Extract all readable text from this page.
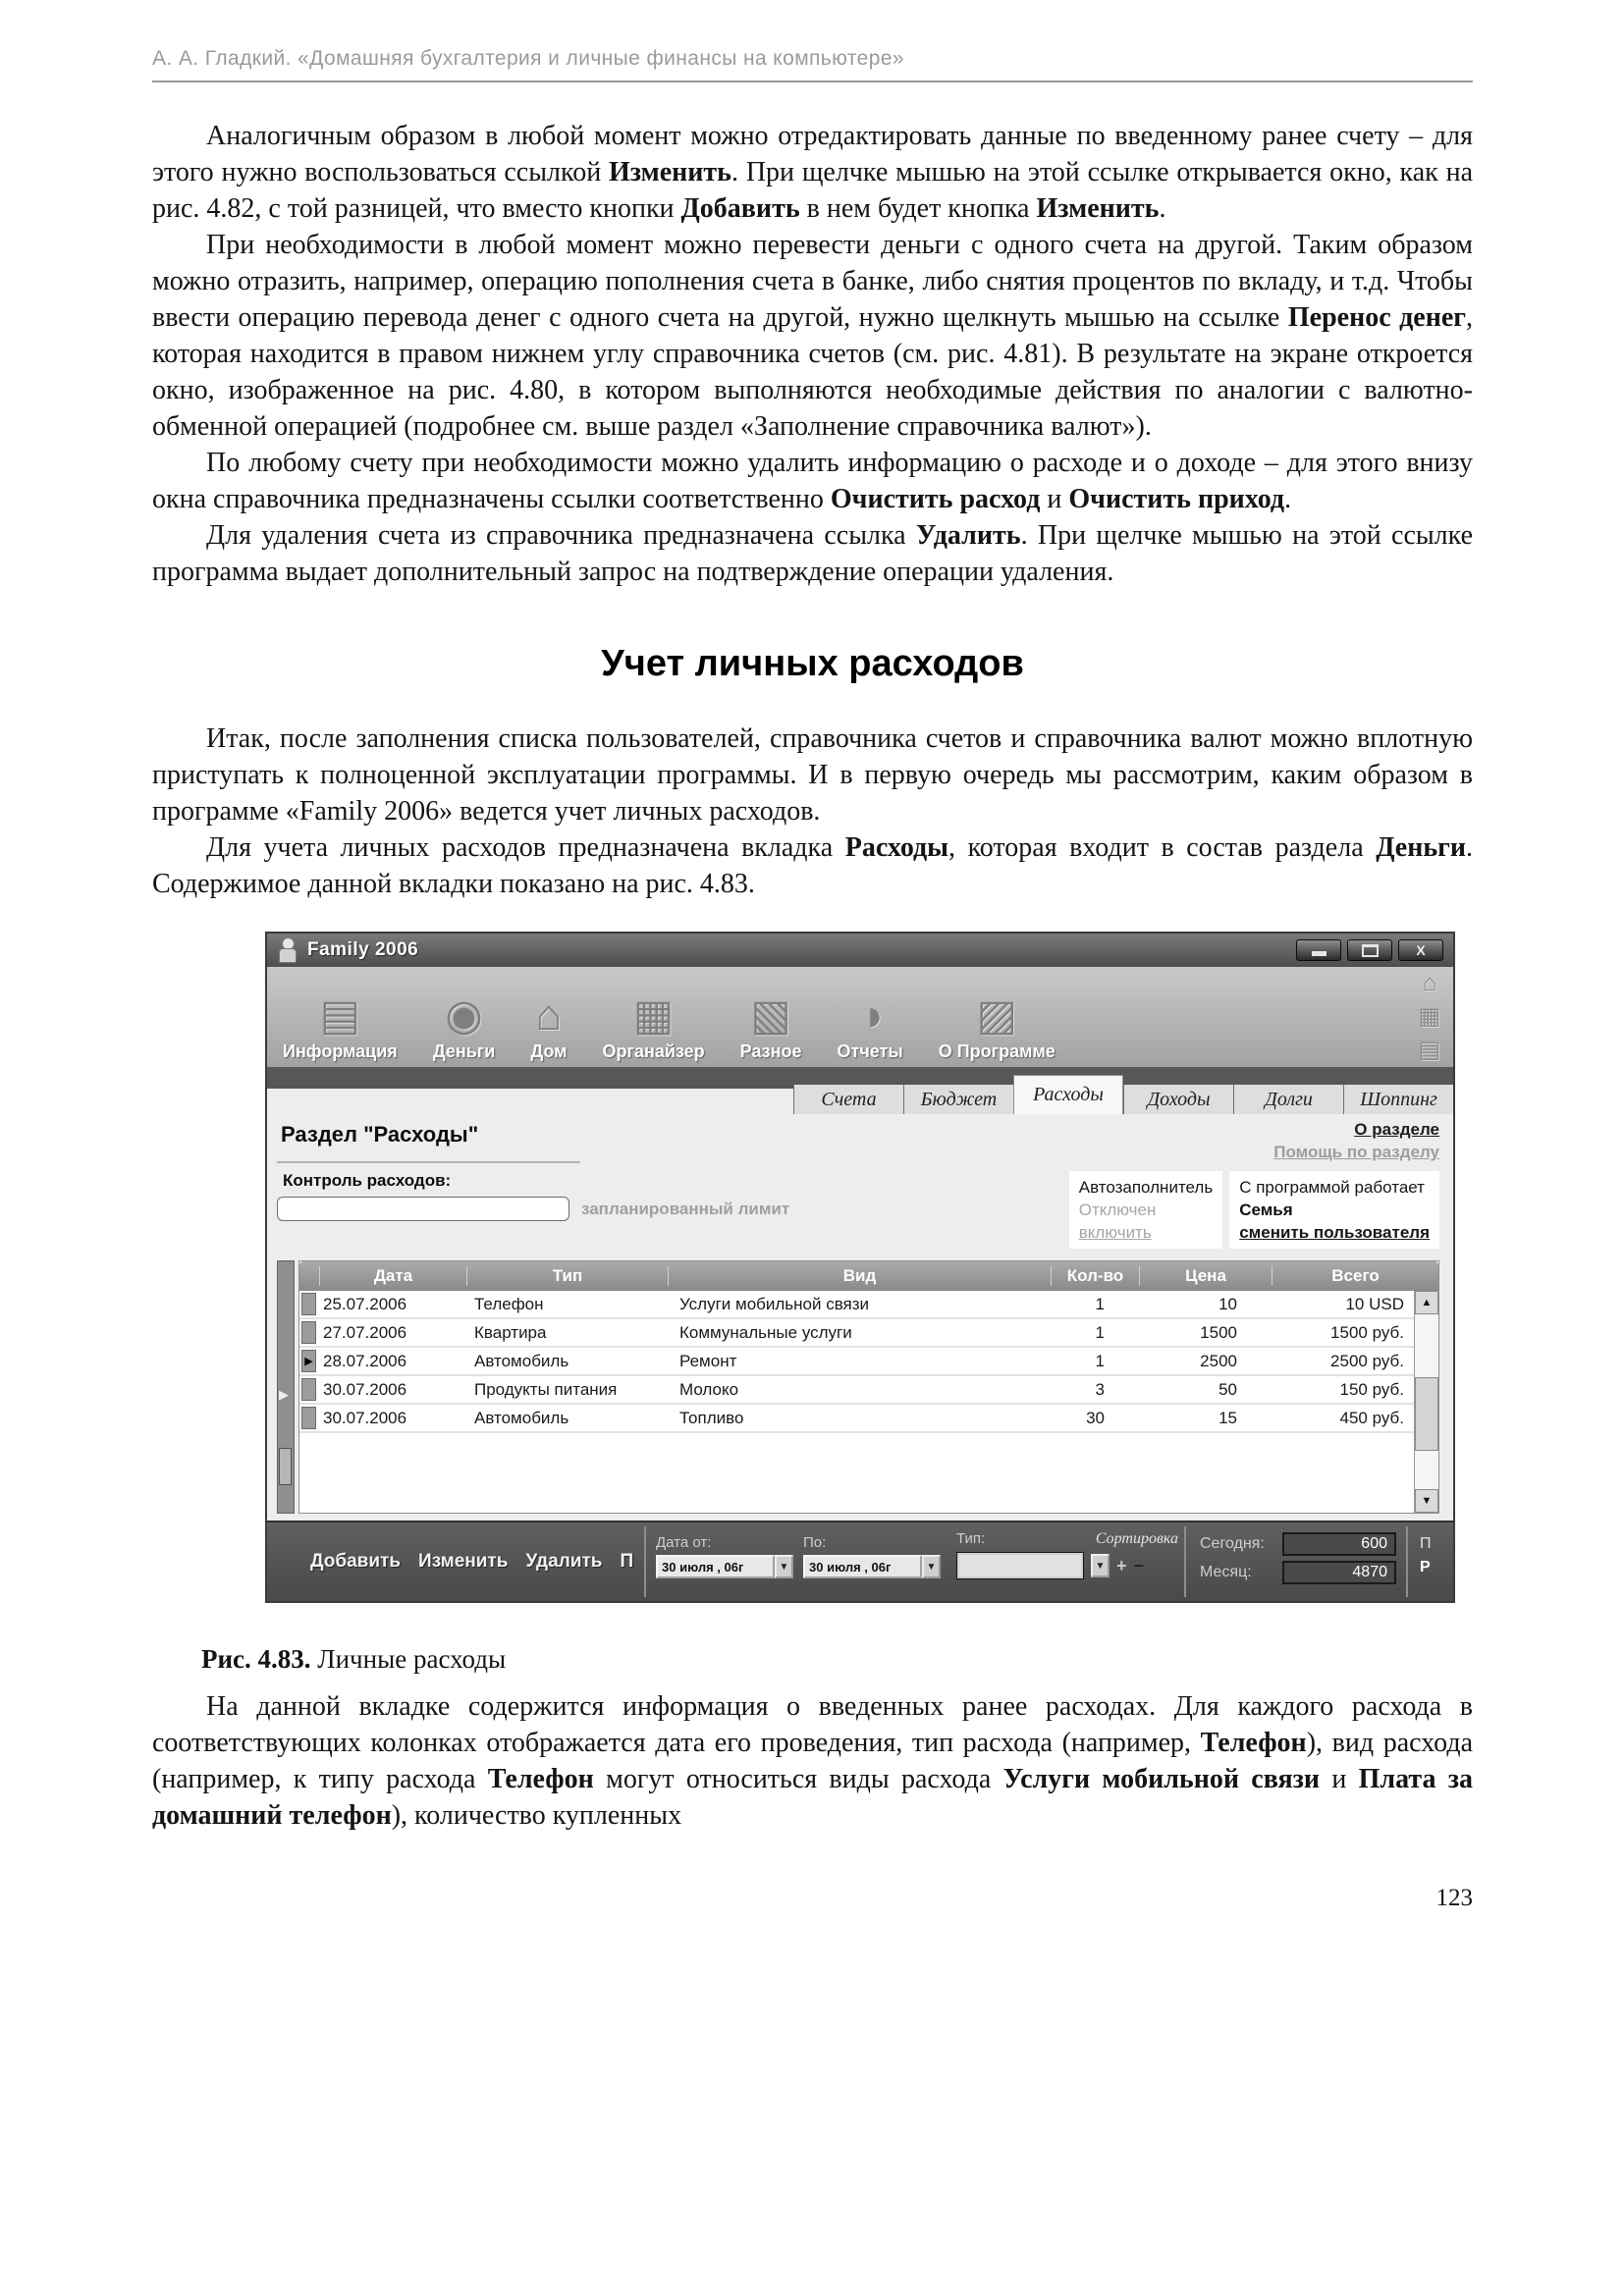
А. А. Гладкий. «Домашняя бухгалтерия и личные финансы на компьютере»

Аналогичным образом в любой момент можно отредактировать данные по введенному ранее счету – для этого нужно воспользоваться ссылкой Изменить. При щелчке мышью на этой ссылке открывается окно, как на рис. 4.82, с той разницей, что вместо кнопки Добавить в нем будет кнопка Изменить.

При необходимости в любой момент можно перевести деньги с одного счета на другой. Таким образом можно отразить, например, операцию пополнения счета в банке, либо снятия процентов по вкладу, и т.д. Чтобы ввести операцию перевода денег с одного счета на другой, нужно щелкнуть мышью на ссылке Перенос денег, которая находится в правом нижнем углу справочника счетов (см. рис. 4.81). В результате на экране откроется окно, изображенное на рис. 4.80, в котором выполняются необходимые действия по аналогии с валютно-обменной операцией (подробнее см. выше раздел «Заполнение справочника валют»).

По любому счету при необходимости можно удалить информацию о расходе и о доходе – для этого внизу окна справочника предназначены ссылки соответственно Очистить расход и Очистить приход.

Для удаления счета из справочника предназначена ссылка Удалить. При щелчке мышью на этой ссылке программа выдает дополнительный запрос на подтверждение операции удаления.

Учет личных расходов

Итак, после заполнения списка пользователей, справочника счетов и справочника валют можно вплотную приступать к полноценной эксплуатации программы. И в первую очередь мы рассмотрим, каким образом в программе «Family 2006» ведется учет личных расходов.

Для учета личных расходов предназначена вкладка Расходы, которая входит в состав раздела Деньги. Содержимое данной вкладки показано на рис. 4.83.

Family 2006	X
▤
Информация
◉
Деньги
⌂
Дом
▦
Органайзер
▧
Разное
◑
Отчеты
▨
О Программе
⌂
▦
▤
Счета	Бюджет	Расходы	Доходы	Долги	Шоппинг
Раздел "Расходы"	О разделе
Помощь по разделу
Контроль расходов:
запланированный лимит
Автозаполнитель
Отключен
включить
С программой работает
Семья
сменить пользователя
▶
Дата	Тип	Вид	Кол-во	Цена	Всего
25.07.2006	Телефон	Услуги мобильной связи	1	10	10 USD
27.07.2006	Квартира	Коммунальные услуги	1	1500	1500 руб.
▶ 28.07.2006	Автомобиль	Ремонт	1	2500	2500 руб.
30.07.2006	Продукты питания	Молоко	3	50	150 руб.
30.07.2006	Автомобиль	Топливо	30	15	450 руб.
▲
▼
Добавить Изменить Удалить П
Дата от:
30 июля , 06г	▼
По:
30 июля , 06г	▼
Тип:	Сортировка
▼ + −
Сегодня:	600
Месяц:	4870
П
Р
Рис. 4.83. Личные расходы

На данной вкладке содержится информация о введенных ранее расходах. Для каждого расхода в соответствующих колонках отображается дата его проведения, тип расхода (например, Телефон), вид расхода (например, к типу расхода Телефон могут относиться виды расхода Услуги мобильной связи и Плата за домашний телефон), количество купленных

123
